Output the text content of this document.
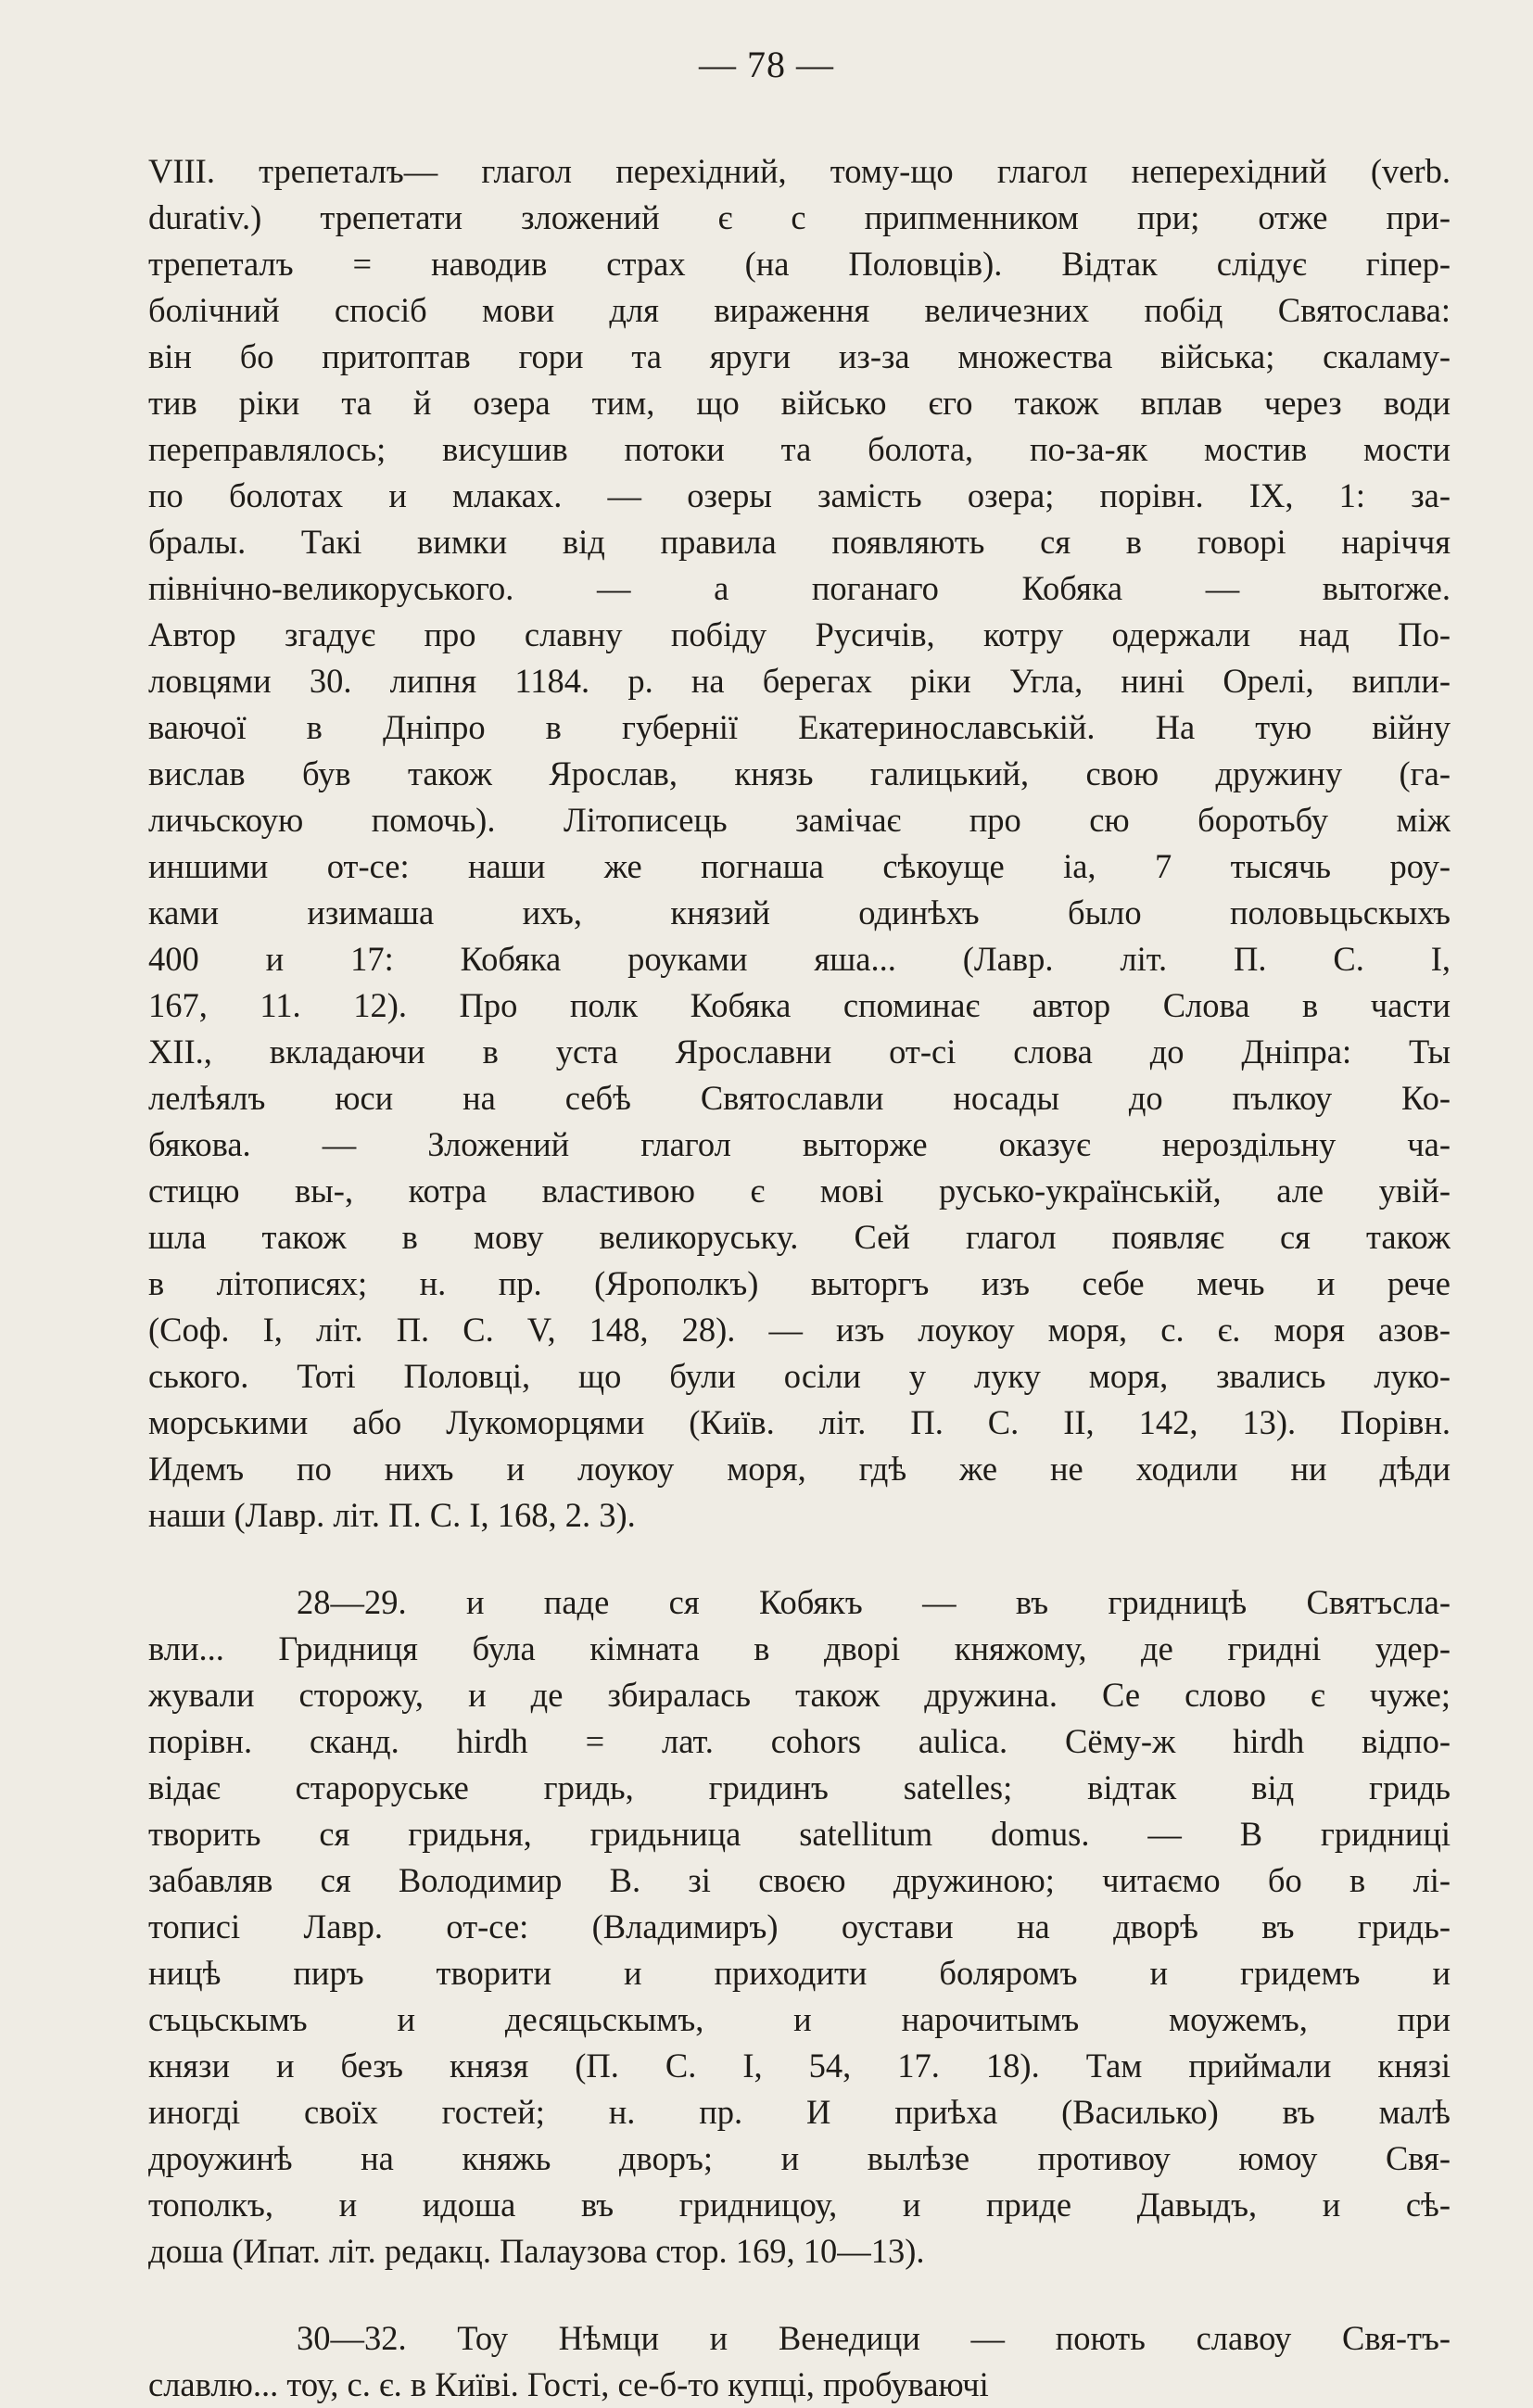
— 78 —

VIII. трепеталъ— глагол перехідний, тому-що глагол неперехідний (verb.
durativ.) трепетати зложений є с припменником при; отже при-
трепеталъ = наводив страх (на Половців). Відтак слідує гіпер-
болічний спосіб мови для вираження величезних побід Святослава:
він бо притоптав гори та яруги из-за множества війська; скаламу-
тив ріки та й озера тим, що військо єго також вплав через води
переправлялось; висушив потоки та болота, по-за-як мостив мости
по болотах и млаках. — озеры замість озера; порівн. IX, 1: за-
бралы. Такі вимки від правила появляють ся в говорі наріччя
північно-великоруського. — а поганаго Кобяка — вытorже.
Автор згадує про славну побіду Русичів, котру одержали над По-
ловцями 30. липня 1184. р. на берегах ріки Угла, нині Орелі, випли-
ваючої в Дніпро в губернії Екатеринославській. На тую війну
вислав був також Ярослав, князь галицький, свою дружину (га-
личьскоую помочь). Літописець замічає про сю боротьбу між
иншими от-се: наши же погнаша сѣкоуще ia, 7 тысячь роу-
ками изимаша ихъ, князий одинѣхъ было половьцьскыхъ
400 и 17: Кобяка роуками яша... (Лавр. літ. П. С. I,
167, 11. 12). Про полк Кобяка споминає автор Слова в части
XII., вкладаючи в уста Ярославни от-сі слова до Дніпра: Ты
лелѣялъ юси на себѣ Святославли носады до пълкоу Ко-
бякова. — Зложений глагол вытоpже оказує нероздільну ча-
стицю вы-, котра властивою є мові русько-українській, але увій-
шла також в мову великоруську. Сей глагол появляє ся також
в літописях; н. пр. (Ярополкъ) вытоpгъ изъ себе мечь и рече
(Соф. I, літ. П. С. V, 148, 28). — изъ лоукоу моря, с. є. моря азов-
ського. Тоті Половці, що були осіли у луку моря, звались луко-
морськими або Лукоморцями (Київ. літ. П. С. II, 142, 13). Порівн.
Идемъ по нихъ и лоукоу моря, гдѣ же не ходили ни дѣди
наши (Лавр. літ. П. С. I, 168, 2. 3).

28—29. и паде ся Кобякъ — въ гридницѣ Святъсла-
вли... Гридниця була кімната в дворі княжому, де гридні удер-
жували сторожу, и де збиралась також дружина. Се слово є чуже;
порівн. сканд. hirdh = лат. cohors aulica. Сёму-ж hirdh відпо-
відає староруське гридь, гридинъ satelles; відтак від гридь
творить ся гридьня, гридьница satellitum domus. — В гридниці
забавляв ся Володимир В. зі своєю дружиною; читаємо бо в лі-
тописі Лавр. от-се: (Владимиръ) оустави на дворѣ въ гридь-
ницѣ пиръ творити и приходити боляромъ и гридемъ и
съцьскымъ и десяцьскымъ, и нарочитымъ моужемъ, при
князи и безъ князя (П. С. I, 54, 17. 18). Там приймали князі
иногді своїх гостей; н. пр. И приѣха (Василько) въ малѣ
дроужинѣ на княжь дворъ; и вылѣзе противоу юмоу Свя-
тополкъ, и идоша въ гридницоу, и приде Давыдъ, и сѣ-
доша (Ипат. літ. редакц. Палаузова стор. 169, 10—13).

30—32. Тоу Нѣмци и Венедици — поють славоу Свя-тъ-
славлю... тоу, с. є. в Київі. Гості, се-б-то купці, пробуваючі
